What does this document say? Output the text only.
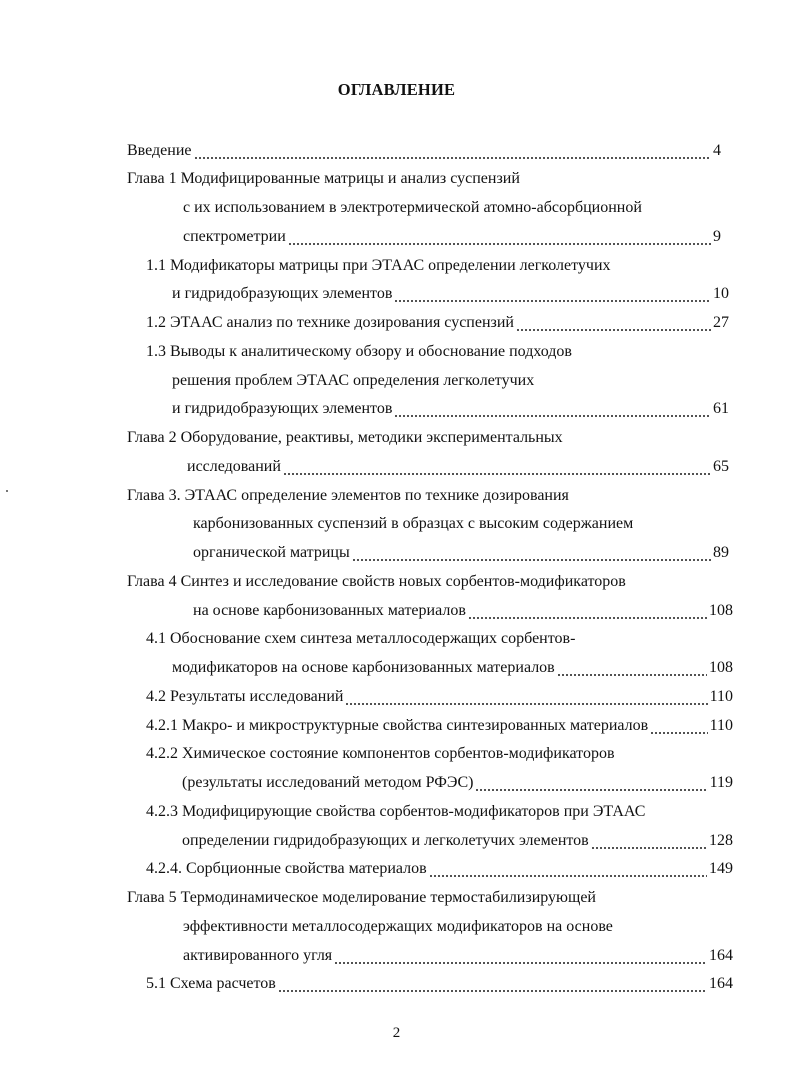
ОГЛАВЛЕНИЕ
Введение	4
Глава 1 Модифицированные матрицы и анализ суспензий
с их использованием в электротермической атомно-абсорбционной
спектрометрии	9
1.1 Модификаторы матрицы при ЭТААС определении легколетучих
и гидридобразующих элементов	10
1.2 ЭТААС анализ по технике дозирования суспензий	27
1.3 Выводы к аналитическому обзору и обоснование подходов
решения проблем ЭТААС определения легколетучих
и гидридобразующих элементов	61
Глава 2 Оборудование, реактивы, методики экспериментальных
исследований	65
Глава 3. ЭТААС определение элементов по технике дозирования
карбонизованных суспензий в образцах с высоким содержанием
органической матрицы	89
Глава 4 Синтез и исследование свойств новых сорбентов-модификаторов
на основе карбонизованных материалов	108
4.1 Обоснование схем синтеза металлосодержащих сорбентов-
модификаторов на основе карбонизованных материалов	108
4.2 Результаты исследований	110
4.2.1 Макро- и микроструктурные свойства синтезированных материалов	110
4.2.2 Химическое состояние компонентов сорбентов-модификаторов
(результаты исследований методом РФЭС)	119
4.2.3 Модифицирующие свойства сорбентов-модификаторов при ЭТААС
определении гидридобразующих и легколетучих элементов	128
4.2.4. Сорбционные свойства материалов	149
Глава 5 Термодинамическое моделирование термостабилизирующей
эффективности металлосодержащих модификаторов на основе
активированного угля	164
5.1 Схема расчетов	164
2
